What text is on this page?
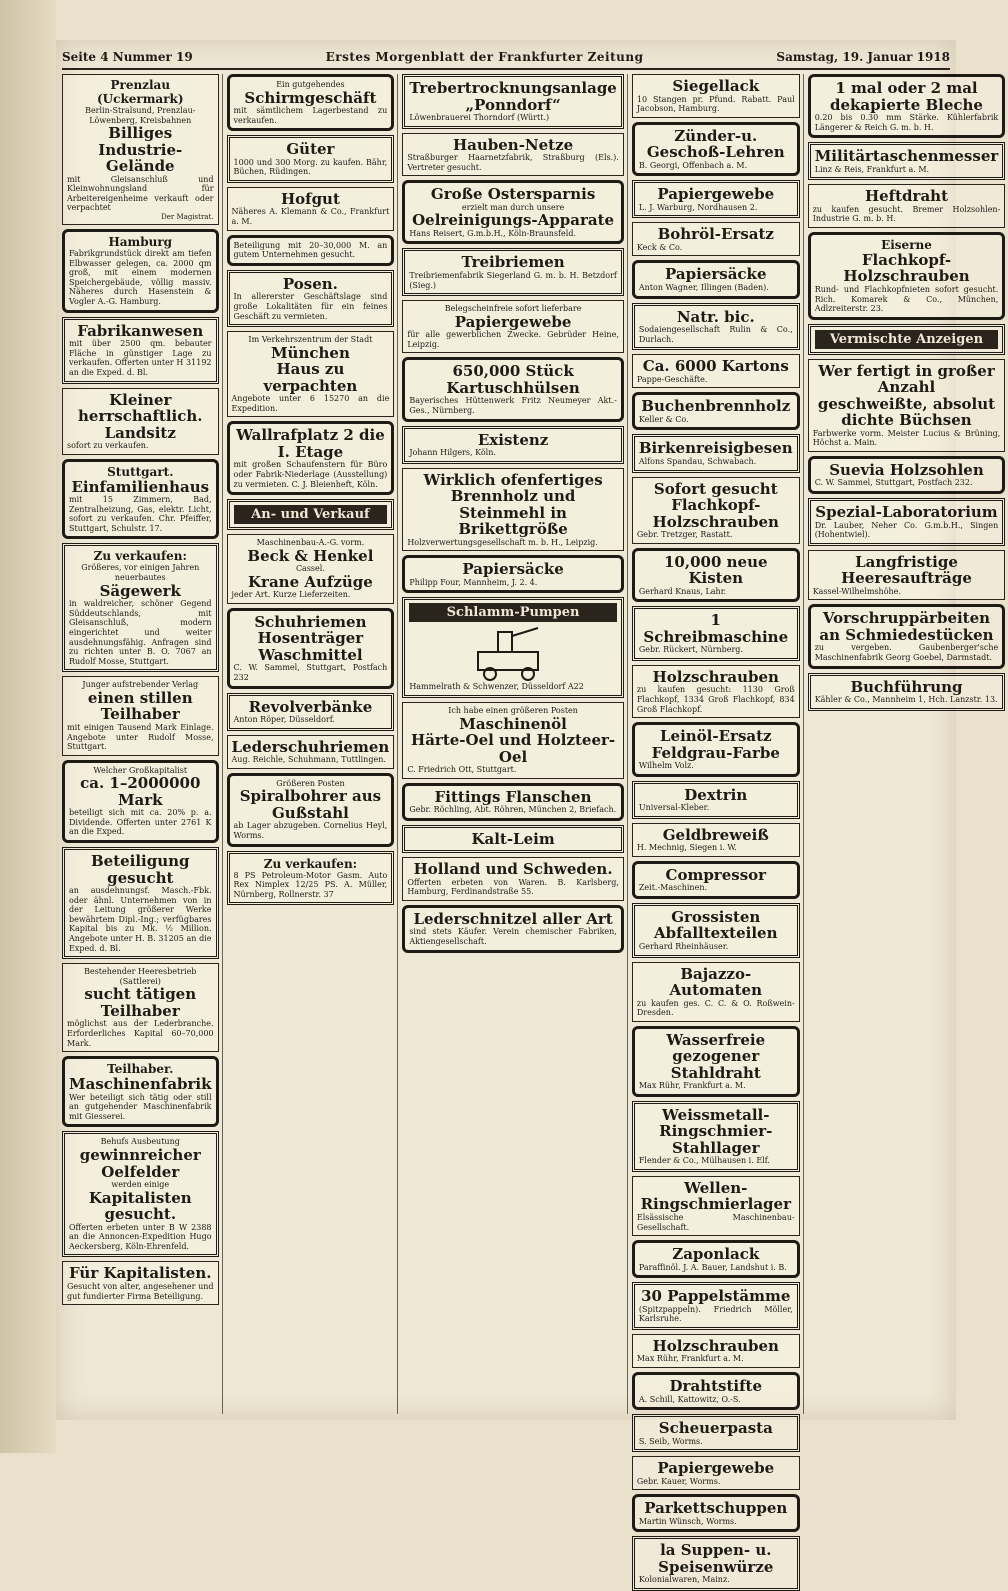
Seite 4 Nummer 19	Erstes Morgenblatt der Frankfurter Zeitung	Samstag, 19. Januar 1918
Prenzlau (Uckermark)
Berlin-Stralsund, Prenzlau-Löwenberg, Kreisbahnen
Billiges Industrie-Gelände
mit Gleisanschluß und Kleinwohnungsland für Arbeitereigenheime verkauft oder verpachtet
Der Magistrat.
Hamburg
Fabrikgrundstück direkt am tiefen Elbwasser gelegen, ca. 2000 qm groß, mit einem modernen Speichergebäude, völlig massiv. Näheres durch Hasenstein & Vogler A.-G. Hamburg.
Fabrikanwesen
mit über 2500 qm. bebauter Fläche in günstiger Lage zu verkaufen. Offerten unter H 31192 an die Exped. d. Bl.
Kleiner herrschaftlich. Landsitz
sofort zu verkaufen.
Stuttgart.
Einfamilienhaus
mit 15 Zimmern, Bad, Zentralheizung, Gas, elektr. Licht, sofort zu verkaufen. Chr. Pfeiffer, Stuttgart, Schulstr. 17.
Zu verkaufen:
Größeres, vor einigen Jahren neuerbautes
Sägewerk
in waldreicher, schöner Gegend Süddeutschlands, mit Gleisanschluß, modern eingerichtet und weiter ausdehnungsfähig. Anfragen sind zu richten unter B. O. 7067 an Rudolf Mosse, Stuttgart.
Junger aufstrebender Verlag
einen stillen Teilhaber
mit einigen Tausend Mark Einlage. Angebote unter Rudolf Mosse, Stuttgart.
Welcher Großkapitalist
ca. 1–2000000 Mark
beteiligt sich mit ca. 20% p. a. Dividende. Offerten unter 2761 K an die Exped.
Beteiligung gesucht
an ausdehnungsf. Masch.-Fbk. oder ähnl. Unternehmen von in der Leitung größerer Werke bewährtem Dipl.-Ing.; verfügbares Kapital bis zu Mk. ½ Million. Angebote unter H. B. 31205 an die Exped. d. Bl.
Bestehender Heeresbetrieb (Sattlerei)
sucht tätigen Teilhaber
möglichst aus der Lederbranche. Erforderliches Kapital 60–70,000 Mark.
Teilhaber.
Maschinenfabrik
Wer beteiligt sich tätig oder still an gutgehender Maschinenfabrik mit Giesserei.
Behufs Ausbeutung
gewinnreicher Oelfelder
werden einige
Kapitalisten gesucht.
Offerten erbeten unter B W 2388 an die Annoncen-Expedition Hugo Aeckersberg, Köln-Ehrenfeld.
Für Kapitalisten.
Gesucht von alter, angesehener und gut fundierter Firma Beteiligung.
Ein gutgehendes
Schirmgeschäft
mit sämtlichem Lagerbestand zu verkaufen.
Güter
1000 und 300 Morg. zu kaufen. Bähr, Büchen, Rüdingen.
Hofgut
Näheres A. Klemann & Co., Frankfurt a. M.
Beteiligung mit 20–30,000 M. an gutem Unternehmen gesucht.
Posen.
In allererster Geschäftslage sind große Lokalitäten für ein feines Geschäft zu vermieten.
Im Verkehrszentrum der Stadt
München
Haus zu verpachten
Angebote unter 6 15270 an die Expedition.
Wallrafplatz 2 die I. Etage
mit großen Schaufenstern für Büro oder Fabrik-Niederlage (Ausstellung) zu vermieten. C. J. Bleienheft, Köln.
An- und Verkauf
Maschinenbau-A.-G. vorm.
Beck & Henkel
Cassel.
Krane Aufzüge
jeder Art. Kurze Lieferzeiten.
Schuhriemen Hosenträger Waschmittel
C. W. Sammel, Stuttgart, Postfach 232
Revolverbänke
Anton Röper, Düsseldorf.
Lederschuhriemen
Aug. Reichle, Schuhmann, Tuttlingen.
Größeren Posten
Spiralbohrer aus Gußstahl
ab Lager abzugeben. Cornelius Heyl, Worms.
Zu verkaufen:
8 PS Petroleum-Motor Gasm. Auto Rex Nimplex 12/25 PS. A. Müller, Nürnberg, Rollnerstr. 37
Trebertrocknungsanlage „Ponndorf“
Löwenbrauerei Thorndorf (Württ.)
Hauben-Netze
Straßburger Haarnetzfabrik, Straßburg (Els.). Vertreter gesucht.
Große Ostersparnis
erzielt man durch unsere
Oelreinigungs-Apparate
Hans Reisert, G.m.b.H., Köln-Braunsfeld.
Treibriemen
Treibriemenfabrik Siegerland G. m. b. H. Betzdorf (Sieg.)
Belegscheinfreie sofort lieferbare
Papiergewebe
für alle gewerblichen Zwecke. Gebrüder Heine, Leipzig.
650,000 Stück Kartuschhülsen
Bayerisches Hüttenwerk Fritz Neumeyer Akt.-Ges., Nürnberg.
Existenz
Johann Hilgers, Köln.
Wirklich ofenfertiges Brennholz und Steinmehl in Brikettgröße
Holzverwertungsgesellschaft m. b. H., Leipzig.
Papiersäcke
Philipp Four, Mannheim, J. 2. 4.
Schlamm-Pumpen
Hammelrath & Schwenzer, Düsseldorf A22
Ich habe einen größeren Posten
Maschinenöl
Härte-Oel und Holzteer-Oel
C. Friedrich Ott, Stuttgart.
Fittings Flanschen
Gebr. Röchling, Abt. Röhren, München 2, Briefach.
Kalt-Leim
Holland und Schweden.
Offerten erbeten von Waren. B. Karlsberg, Hamburg, Ferdinandstraße 55.
Lederschnitzel aller Art
sind stets Käufer. Verein chemischer Fabriken, Aktiengesellschaft.
Siegellack
10 Stangen pr. Pfund. Rabatt. Paul Jacobson, Hamburg.
Zünder-u. Geschoß-Lehren
B. Georgi, Offenbach a. M.
Papiergewebe
L. J. Warburg, Nordhausen 2.
Bohröl-Ersatz
Keck & Co.
Papiersäcke
Anton Wagner, Illingen (Baden).
Natr. bic.
Sodaiengesellschaft Rulin & Co., Durlach.
Ca. 6000 Kartons
Pappe-Geschäfte.
Buchenbrennholz
Keller & Co.
Birkenreisigbesen
Alfons Spandau, Schwabach.
Sofort gesucht
Flachkopf-Holzschrauben
Gebr. Tretzger, Rastatt.
10,000 neue Kisten
Gerhard Knaus, Lahr.
1 Schreibmaschine
Gebr. Rückert, Nürnberg.
Holzschrauben
zu kaufen gesucht: 1130 Groß Flachkopf, 1334 Groß Flachkopf, 834 Groß Flachkopf.
Leinöl-Ersatz
Feldgrau-Farbe
Wilhelm Volz.
Dextrin
Universal-Kleber.
Geldbreweiß
H. Mechnig, Siegen i. W.
Compressor
Zeit.-Maschinen.
Grossisten
Abfalltexteilen
Gerhard Rheinhäuser.
Bajazzo-Automaten
zu kaufen ges. C. C. & O. Roßwein-Dresden.
Wasserfreie gezogener Stahldraht
Max Rühr, Frankfurt a. M.
Weissmetall-Ringschmier-Stahllager
Flender & Co., Mülhausen i. Elf.
Wellen-Ringschmierlager
Elsässische Maschinenbau-Gesellschaft.
Zaponlack
Paraffinöl. J. A. Bauer, Landshut i. B.
30 Pappelstämme
(Spitzpappeln). Friedrich Möller, Karlsruhe.
Holzschrauben
Max Rühr, Frankfurt a. M.
Drahtstifte
A. Schill, Kattowitz, O.-S.
Scheuerpasta
S. Seib, Worms.
Papiergewebe
Gebr. Kauer, Worms.
Parkettschuppen
Martin Wünsch, Worms.
la Suppen- u. Speisenwürze
Kolonialwaren, Mainz.
1 mal oder 2 mal dekapierte Bleche
0.20 bis 0.30 mm Stärke. Kühlerfabrik Längerer & Reich G. m. b. H.
Militärtaschenmesser
Linz & Reis, Frankfurt a. M.
Heftdraht
zu kaufen gesucht. Bremer Holzsohlen-Industrie G. m. b. H.
Eiserne
Flachkopf-Holzschrauben
Rund- und Flachkopfnieten sofort gesucht. Rich. Komarek & Co., München, Adlzreiterstr. 23.
Vermischte Anzeigen
Wer fertigt in großer Anzahl
geschweißte, absolut dichte Büchsen
Farbwerke vorm. Meister Lucius & Brüning, Höchst a. Main.
Suevia Holzsohlen
C. W. Sammel, Stuttgart, Postfach 232.
Spezial-Laboratorium
Dr. Lauber, Neher Co. G.m.b.H., Singen (Hohentwiel).
Langfristige Heeresaufträge
Kassel-Wilhelmshöhe.
Vorschruppärbeiten an Schmiedestücken
zu vergeben. Gaubenberger'sche Maschinenfabrik Georg Goebel, Darmstadt.
Buchführung
Kähler & Co., Mannheim 1, Hch. Lanzstr. 13.
